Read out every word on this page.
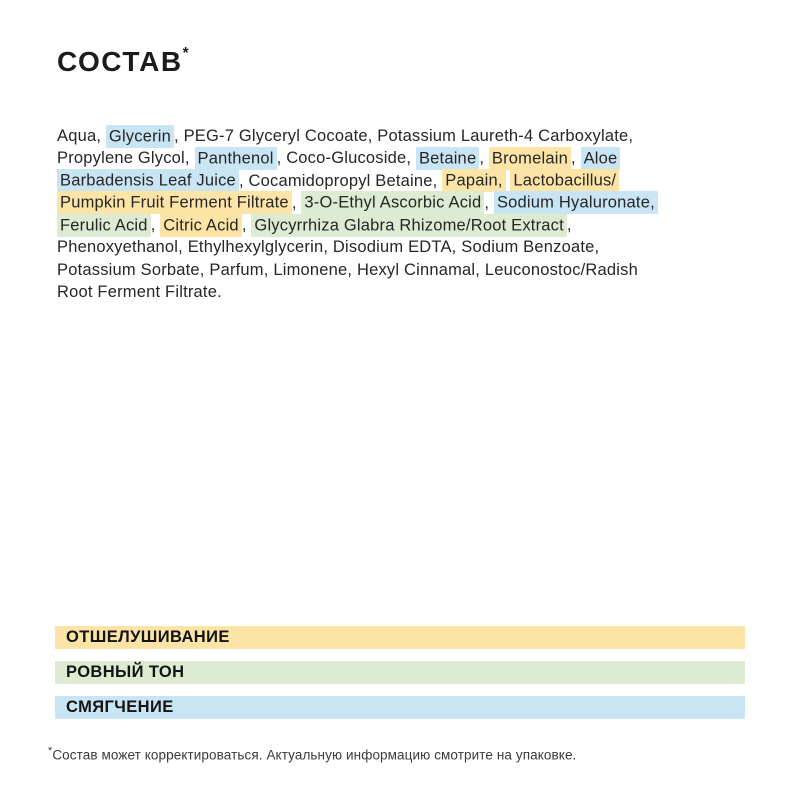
СОСТАВ*
Aqua, Glycerin , PEG-7 Glyceryl Cocoate, Potassium Laureth-4 Carboxylate,
Propylene Glycol, Panthenol , Coco-Glucoside, Betaine , Bromelain , Aloe
Barbadensis Leaf Juice , Cocamidopropyl Betaine, Papain, Lactobacillus/
Pumpkin Fruit Ferment Filtrate , 3-O-Ethyl Ascorbic Acid , Sodium Hyaluronate,
Ferulic Acid , Citric Acid , Glycyrrhiza Glabra Rhizome/Root Extract ,
Phenoxyethanol, Ethylhexylglycerin, Disodium EDTA, Sodium Benzoate,
Potassium Sorbate, Parfum, Limonene, Hexyl Cinnamal, Leuconostoc/Radish
Root Ferment Filtrate.
ОТШЕЛУШИВАНИЕ
РОВНЫЙ ТОН
СМЯГЧЕНИЕ

*Состав может корректироваться. Актуальную информацию смотрите на упаковке.
